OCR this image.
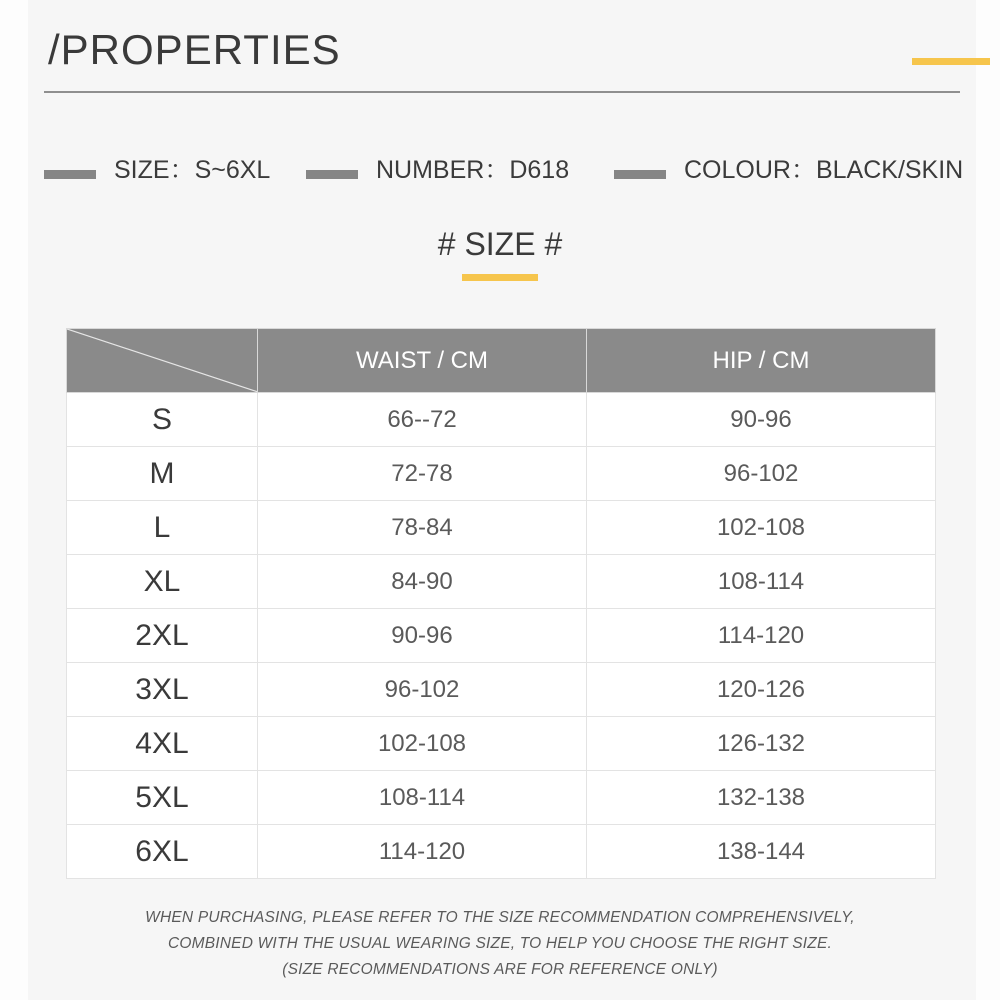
/PROPERTIES
SIZE：S~6XL	NUMBER：D618	COLOUR：BLACK/SKIN
# SIZE #
	WAIST / CM	HIP / CM
S	66--72	90-96
M	72-78	96-102
L	78-84	102-108
XL	84-90	108-114
2XL	90-96	114-120
3XL	96-102	120-126
4XL	102-108	126-132
5XL	108-114	132-138
6XL	114-120	138-144
WHEN PURCHASING, PLEASE REFER TO THE SIZE RECOMMENDATION COMPREHENSIVELY,
COMBINED WITH THE USUAL WEARING SIZE, TO HELP YOU CHOOSE THE RIGHT SIZE.
(SIZE RECOMMENDATIONS ARE FOR REFERENCE ONLY)
